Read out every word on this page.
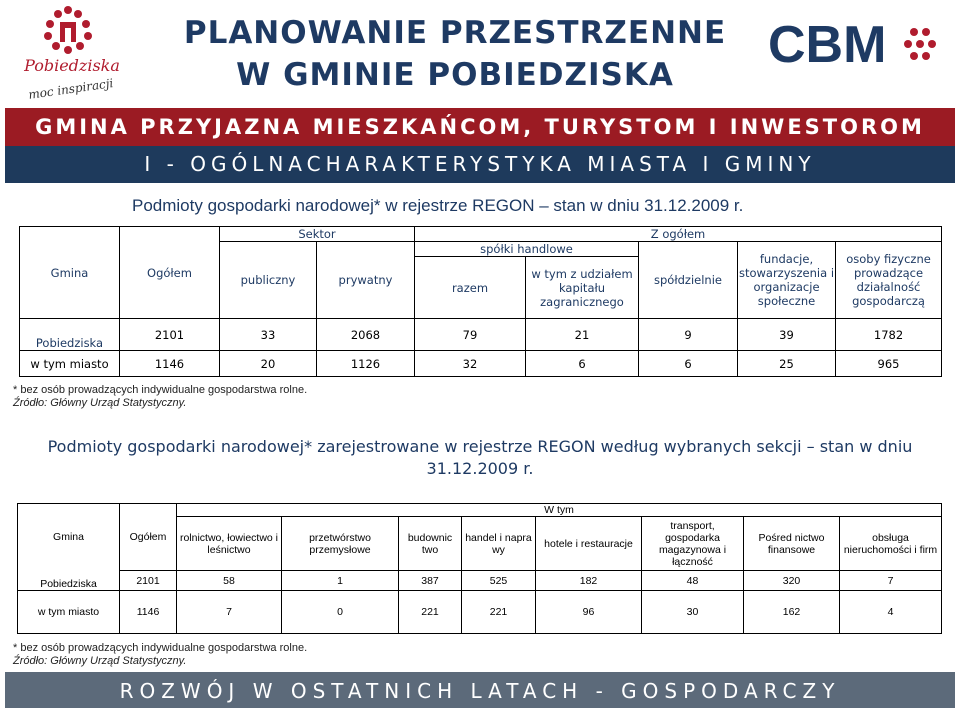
Pobiedziska
moc inspiracji
PLANOWANIE PRZESTRZENNE
W GMINIE POBIEDZISKA
CBM
GMINA PRZYJAZNA MIESZKAŃCOM, TURYSTOM I INWESTOROM
I - OGÓLNACHARAKTERYSTYKA MIASTA I GMINY
Podmioty gospodarki narodowej* w rejestrze REGON – stan w dniu 31.12.2009 r.
Gmina	Ogółem	Sektor		Z ogółem				
		publiczny	prywatny	spółki handlowe		spółdzielnie	fundacje, stowarzyszenia i organizacje społeczne	osoby fizyczne prowadzące działalność gospodarczą
				razem	w tym z udziałem kapitału zagranicznego			
Pobiedziska	2101	33	2068	79	21	9	39	1782
w tym miasto	1146	20	1126	32	6	6	25	965
* bez osób prowadzących indywidualne gospodarstwa rolne.
Źródło: Główny Urząd Statystyczny.
Podmioty gospodarki narodowej* zarejestrowane w rejestrze REGON według wybranych sekcji – stan w dniu 31.12.2009 r.
Gmina	Ogółem	W tym							
		rolnictwo, łowiectwo i leśnictwo	przetwórstwo przemysłowe	budownic two	handel i napra wy	hotele i restauracje	transport, gospodarka magazynowa i łączność	Pośred nictwo finansowe	obsługa nieruchomości i firm
Pobiedziska	2101	58	1	387	525	182	48	320	7
w tym miasto	1146	7	0	221	221	96	30	162	4
* bez osób prowadzących indywidualne gospodarstwa rolne.
Źródło: Główny Urząd Statystyczny.
ROZWÓJ W OSTATNICH LATACH - GOSPODARCZY
